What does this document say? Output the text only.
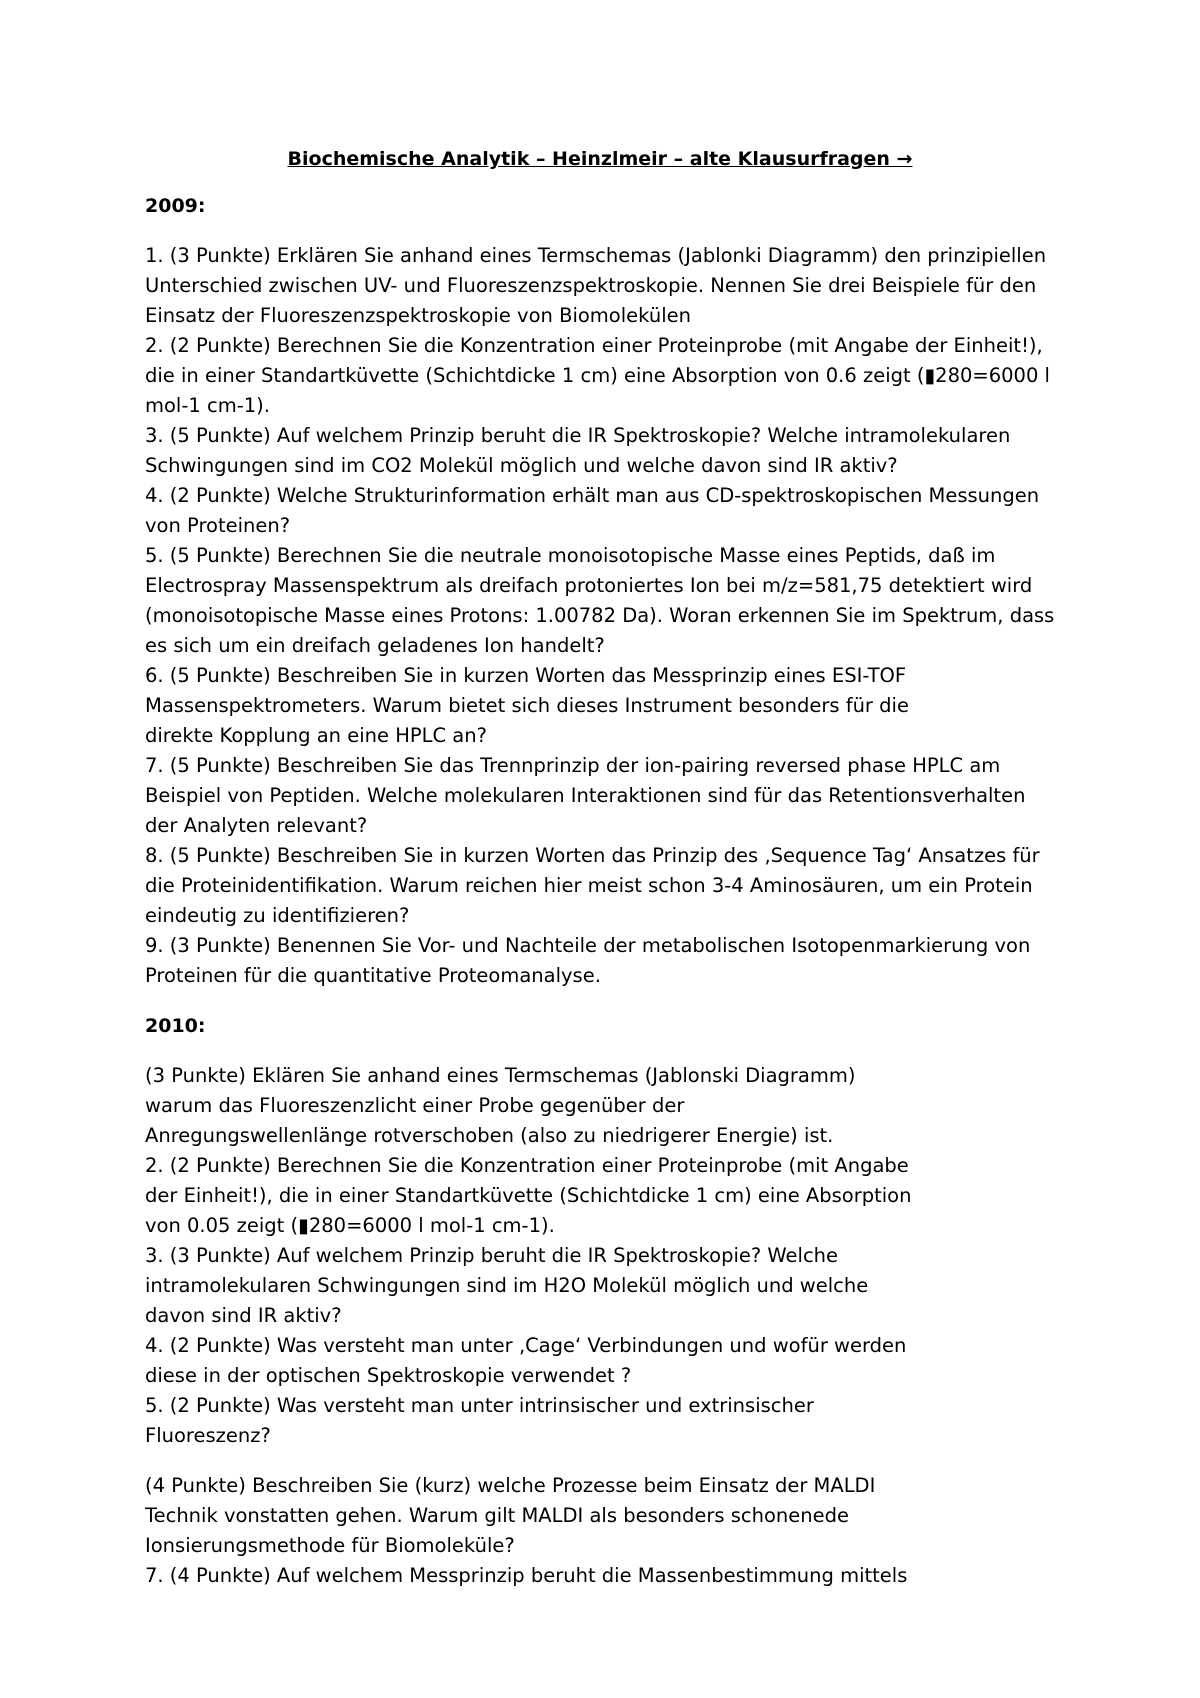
Biochemische Analytik – Heinzlmeir – alte Klausurfragen →
2009:
1. (3 Punkte) Erklären Sie anhand eines Termschemas (Jablonki Diagramm) den prinzipiellen
Unterschied zwischen UV- und Fluoreszenzspektroskopie. Nennen Sie drei Beispiele für den
Einsatz der Fluoreszenzspektroskopie von Biomolekülen
2. (2 Punkte) Berechnen Sie die Konzentration einer Proteinprobe (mit Angabe der Einheit!),
die in einer Standartküvette (Schichtdicke 1 cm) eine Absorption von 0.6 zeigt (▮280=6000 l
mol-1 cm-1).
3. (5 Punkte) Auf welchem Prinzip beruht die IR Spektroskopie? Welche intramolekularen
Schwingungen sind im CO2 Molekül möglich und welche davon sind IR aktiv?
4. (2 Punkte) Welche Strukturinformation erhält man aus CD-spektroskopischen Messungen
von Proteinen?
5. (5 Punkte) Berechnen Sie die neutrale monoisotopische Masse eines Peptids, daß im
Electrospray Massenspektrum als dreifach protoniertes Ion bei m/z=581,75 detektiert wird
(monoisotopische Masse eines Protons: 1.00782 Da). Woran erkennen Sie im Spektrum, dass
es sich um ein dreifach geladenes Ion handelt?
6. (5 Punkte) Beschreiben Sie in kurzen Worten das Messprinzip eines ESI-TOF
Massenspektrometers. Warum bietet sich dieses Instrument besonders für die
direkte Kopplung an eine HPLC an?
7. (5 Punkte) Beschreiben Sie das Trennprinzip der ion-pairing reversed phase HPLC am
Beispiel von Peptiden. Welche molekularen Interaktionen sind für das Retentionsverhalten
der Analyten relevant?
8. (5 Punkte) Beschreiben Sie in kurzen Worten das Prinzip des ‚Sequence Tag‘ Ansatzes für
die Proteinidentifikation. Warum reichen hier meist schon 3-4 Aminosäuren, um ein Protein
eindeutig zu identifizieren?
9. (3 Punkte) Benennen Sie Vor- und Nachteile der metabolischen Isotopenmarkierung von
Proteinen für die quantitative Proteomanalyse.
2010:
(3 Punkte) Eklären Sie anhand eines Termschemas (Jablonski Diagramm)
warum das Fluoreszenzlicht einer Probe gegenüber der
Anregungswellenlänge rotverschoben (also zu niedrigerer Energie) ist.
2. (2 Punkte) Berechnen Sie die Konzentration einer Proteinprobe (mit Angabe
der Einheit!), die in einer Standartküvette (Schichtdicke 1 cm) eine Absorption
von 0.05 zeigt (▮280=6000 l mol-1 cm-1).
3. (3 Punkte) Auf welchem Prinzip beruht die IR Spektroskopie? Welche
intramolekularen Schwingungen sind im H2O Molekül möglich und welche
davon sind IR aktiv?
4. (2 Punkte) Was versteht man unter ‚Cage‘ Verbindungen und wofür werden
diese in der optischen Spektroskopie verwendet ?
5. (2 Punkte) Was versteht man unter intrinsischer und extrinsischer
Fluoreszenz?
(4 Punkte) Beschreiben Sie (kurz) welche Prozesse beim Einsatz der MALDI
Technik vonstatten gehen. Warum gilt MALDI als besonders schonenede
Ionsierungsmethode für Biomoleküle?
7. (4 Punkte) Auf welchem Messprinzip beruht die Massenbestimmung mittels
